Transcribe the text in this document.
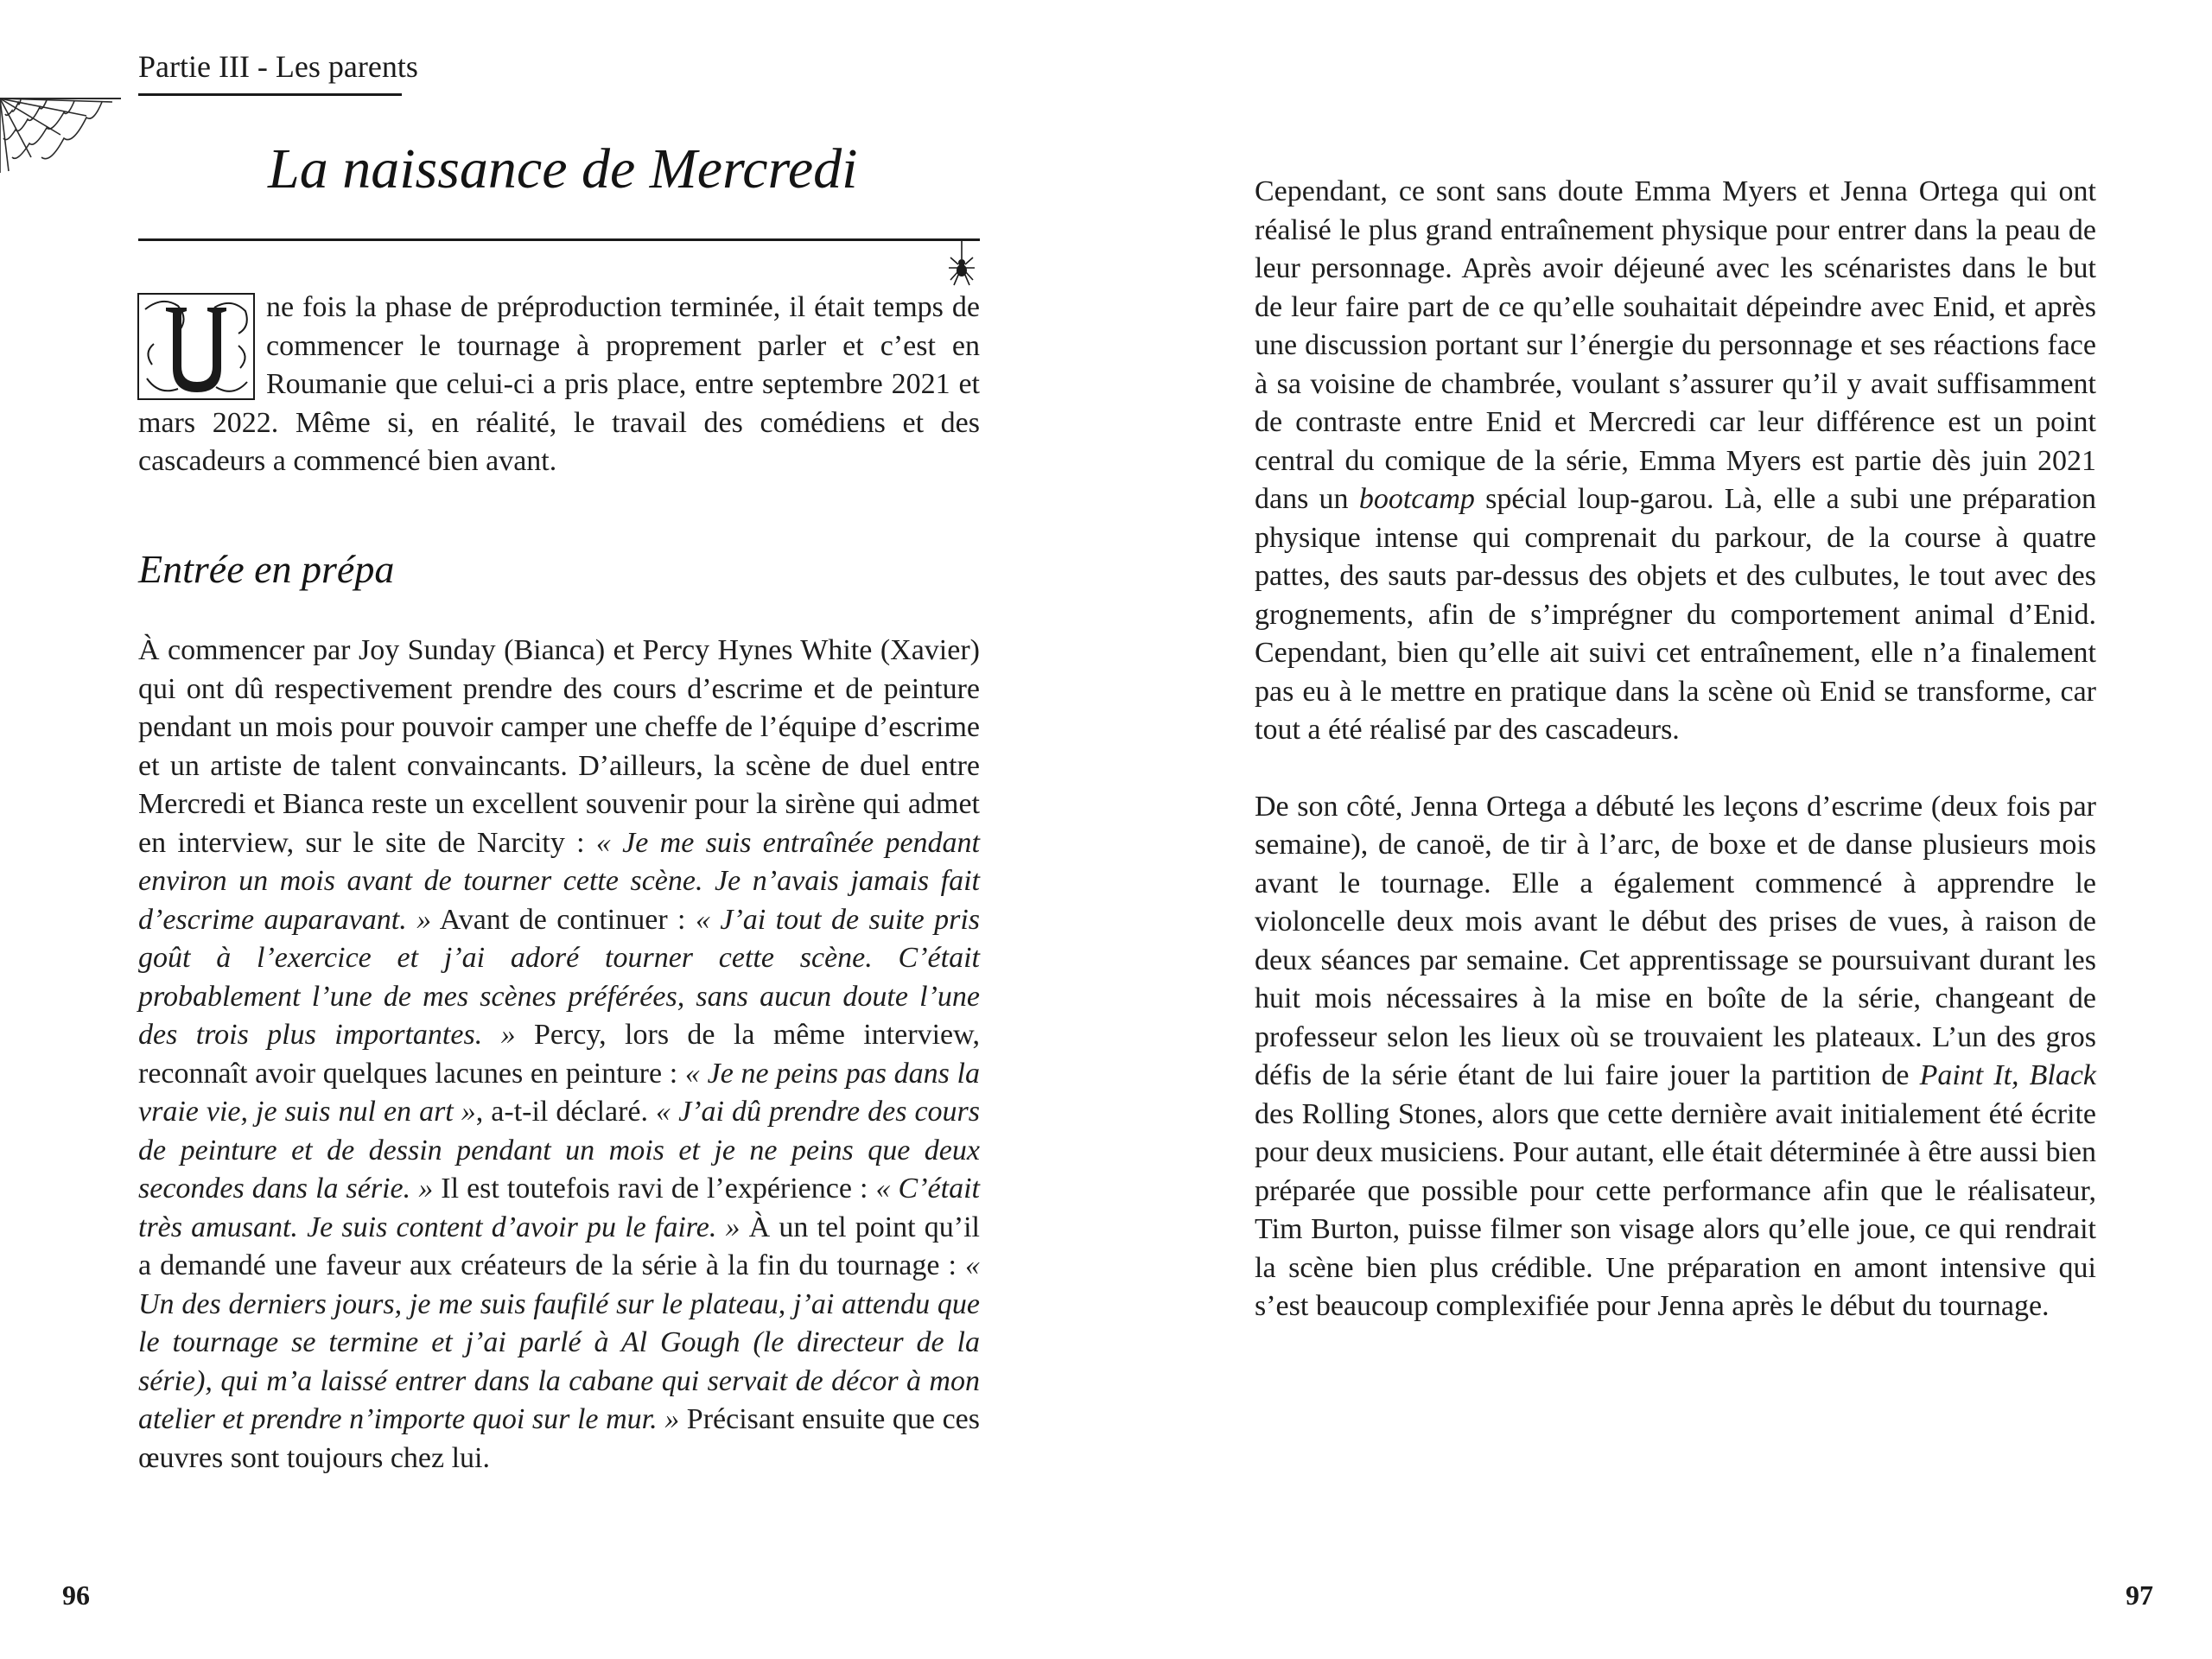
Partie III - Les parents
La naissance de Mercredi
ne fois la phase de préproduction terminée, il était temps de commencer le tournage à proprement parler et c’est en Roumanie que celui-ci a pris place, entre septembre 2021 et mars 2022. Même si, en réalité, le travail des comédiens et des cascadeurs a commencé bien avant.
Entrée en prépa

À commencer par Joy Sunday (Bianca) et Percy Hynes White (Xavier) qui ont dû respectivement prendre des cours d’escrime et de peinture pendant un mois pour pouvoir camper une cheffe de l’équipe d’escrime et un artiste de talent convaincants. D’ailleurs, la scène de duel entre Mercredi et Bianca reste un excellent souvenir pour la sirène qui admet en interview, sur le site de Narcity : « Je me suis entraînée pendant environ un mois avant de tourner cette scène. Je n’avais jamais fait d’escrime auparavant. » Avant de continuer : « J’ai tout de suite pris goût à l’exercice et j’ai adoré tourner cette scène. C’était probablement l’une de mes scènes préférées, sans aucun doute l’une des trois plus importantes. » Percy, lors de la même interview, reconnaît avoir quelques lacunes en peinture : « Je ne peins pas dans la vraie vie, je suis nul en art », a-t-il déclaré. « J’ai dû prendre des cours de peinture et de dessin pendant un mois et je ne peins que deux secondes dans la série. » Il est toutefois ravi de l’expérience : « C’était très amusant. Je suis content d’avoir pu le faire. » À un tel point qu’il a demandé une faveur aux créateurs de la série à la fin du tournage : « Un des derniers jours, je me suis faufilé sur le plateau, j’ai attendu que le tournage se termine et j’ai parlé à Al Gough (le directeur de la série), qui m’a laissé entrer dans la cabane qui servait de décor à mon atelier et prendre n’importe quoi sur le mur. » Précisant ensuite que ces œuvres sont toujours chez lui.

Cependant, ce sont sans doute Emma Myers et Jenna Ortega qui ont réalisé le plus grand entraînement physique pour entrer dans la peau de leur personnage. Après avoir déjeuné avec les scénaristes dans le but de leur faire part de ce qu’elle souhaitait dépeindre avec Enid, et après une discussion portant sur l’énergie du personnage et ses réactions face à sa voisine de chambrée, voulant s’assurer qu’il y avait suffisamment de contraste entre Enid et Mercredi car leur différence est un point central du comique de la série, Emma Myers est partie dès juin 2021 dans un bootcamp spécial loup-garou. Là, elle a subi une préparation physique intense qui comprenait du parkour, de la course à quatre pattes, des sauts par-dessus des objets et des culbutes, le tout avec des grognements, afin de s’imprégner du comportement animal d’Enid. Cependant, bien qu’elle ait suivi cet entraînement, elle n’a finalement pas eu à le mettre en pratique dans la scène où Enid se transforme, car tout a été réalisé par des cascadeurs.

De son côté, Jenna Ortega a débuté les leçons d’escrime (deux fois par semaine), de canoë, de tir à l’arc, de boxe et de danse plusieurs mois avant le tournage. Elle a également commencé à apprendre le violoncelle deux mois avant le début des prises de vues, à raison de deux séances par semaine. Cet apprentissage se poursuivant durant les huit mois nécessaires à la mise en boîte de la série, changeant de professeur selon les lieux où se trouvaient les plateaux. L’un des gros défis de la série étant de lui faire jouer la partition de Paint It, Black des Rolling Stones, alors que cette dernière avait initialement été écrite pour deux musiciens. Pour autant, elle était déterminée à être aussi bien préparée que possible pour cette performance afin que le réalisateur, Tim Burton, puisse filmer son visage alors qu’elle joue, ce qui rendrait la scène bien plus crédible. Une préparation en amont intensive qui s’est beaucoup complexifiée pour Jenna après le début du tournage.

96	97
